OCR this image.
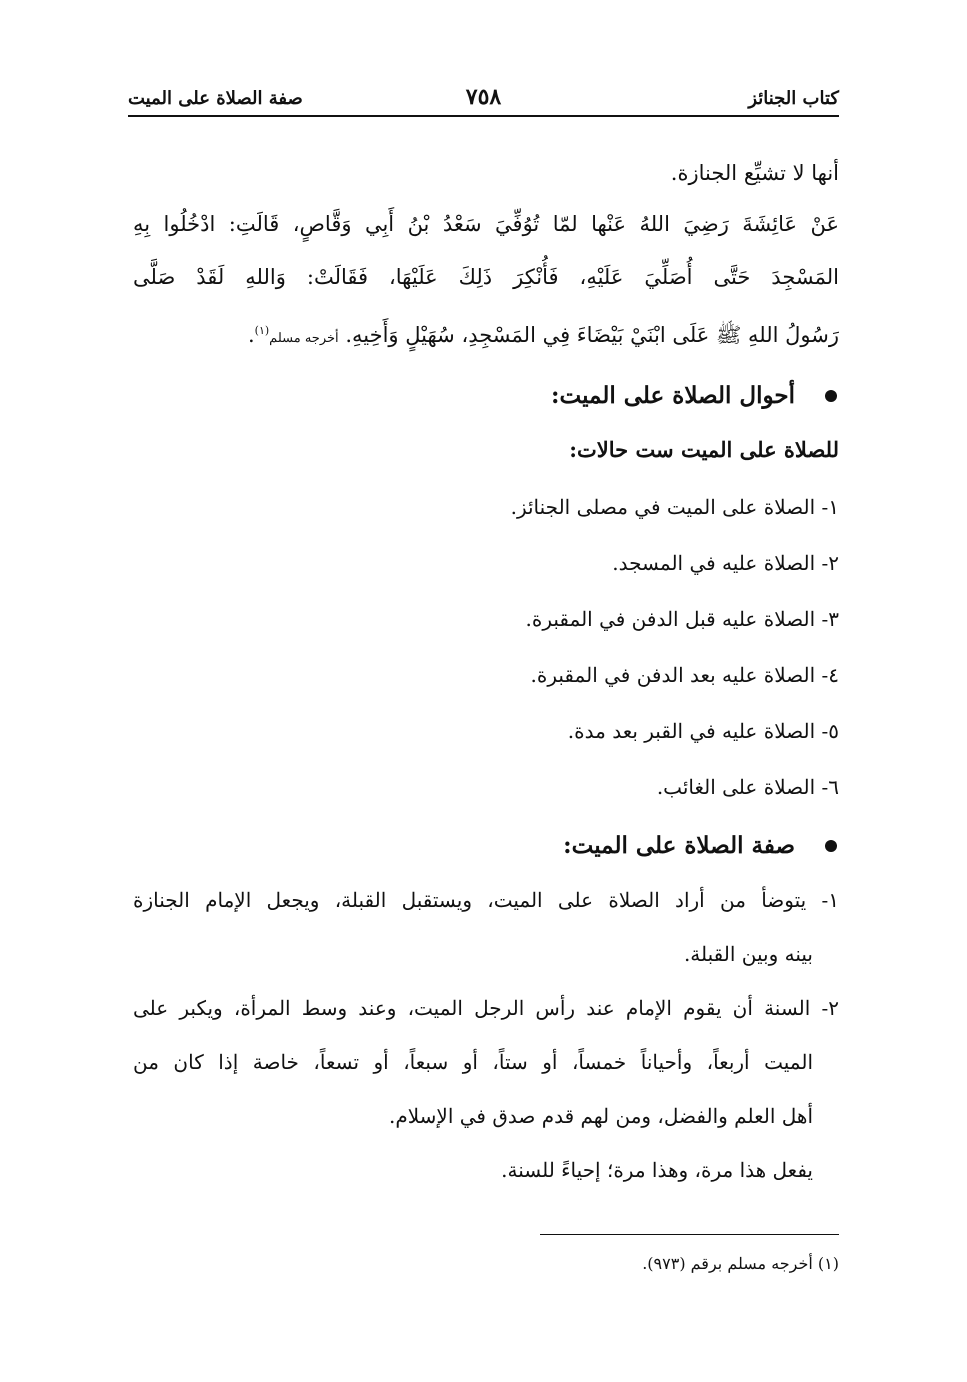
كتاب الجنائز
٧٥٨
صفة الصلاة على الميت
أنها لا تشيِّع الجنازة.
عَنْ عَائِشَةَ رَضِيَ اللهُ عَنْها لمّا تُوُفِّيَ سَعْدُ بْنُ أَبِي وَقَّاصٍ، قَالَتِ: ادْخُلُوا بِهِ
المَسْجِدَ حَتَّى أُصَلِّيَ عَلَيْهِ، فَأُنْكِرَ ذَلِكَ عَلَيْهَا، فَقَالَتْ: وَاللهِ لَقَدْ صَلَّى
رَسُولُ اللهِ ﷺ عَلَى ابْنَيْ بَيْضَاءَ فِي المَسْجِدِ، سُهَيْلٍ وَأَخِيهِ. أخرجه مسلم$^{(١)}$.
أحوال الصلاة على الميت:
للصلاة على الميت ست حالات:
١- الصلاة على الميت في مصلى الجنائز.
٢- الصلاة عليه في المسجد.
٣- الصلاة عليه قبل الدفن في المقبرة.
٤- الصلاة عليه بعد الدفن في المقبرة.
٥- الصلاة عليه في القبر بعد مدة.
٦- الصلاة على الغائب.
صفة الصلاة على الميت:
١- يتوضأ من أراد الصلاة على الميت، ويستقبل القبلة، ويجعل الإمام الجنازة
بينه وبين القبلة.
٢- السنة أن يقوم الإمام عند رأس الرجل الميت، وعند وسط المرأة، ويكبر على
الميت أربعاً، وأحياناً خمساً، أو ستاً، أو سبعاً، أو تسعاً، خاصة إذا كان من
أهل العلم والفضل، ومن لهم قدم صدق في الإسلام.
يفعل هذا مرة، وهذا مرة؛ إحياءً للسنة.
(١) أخرجه مسلم برقم (٩٧٣).
